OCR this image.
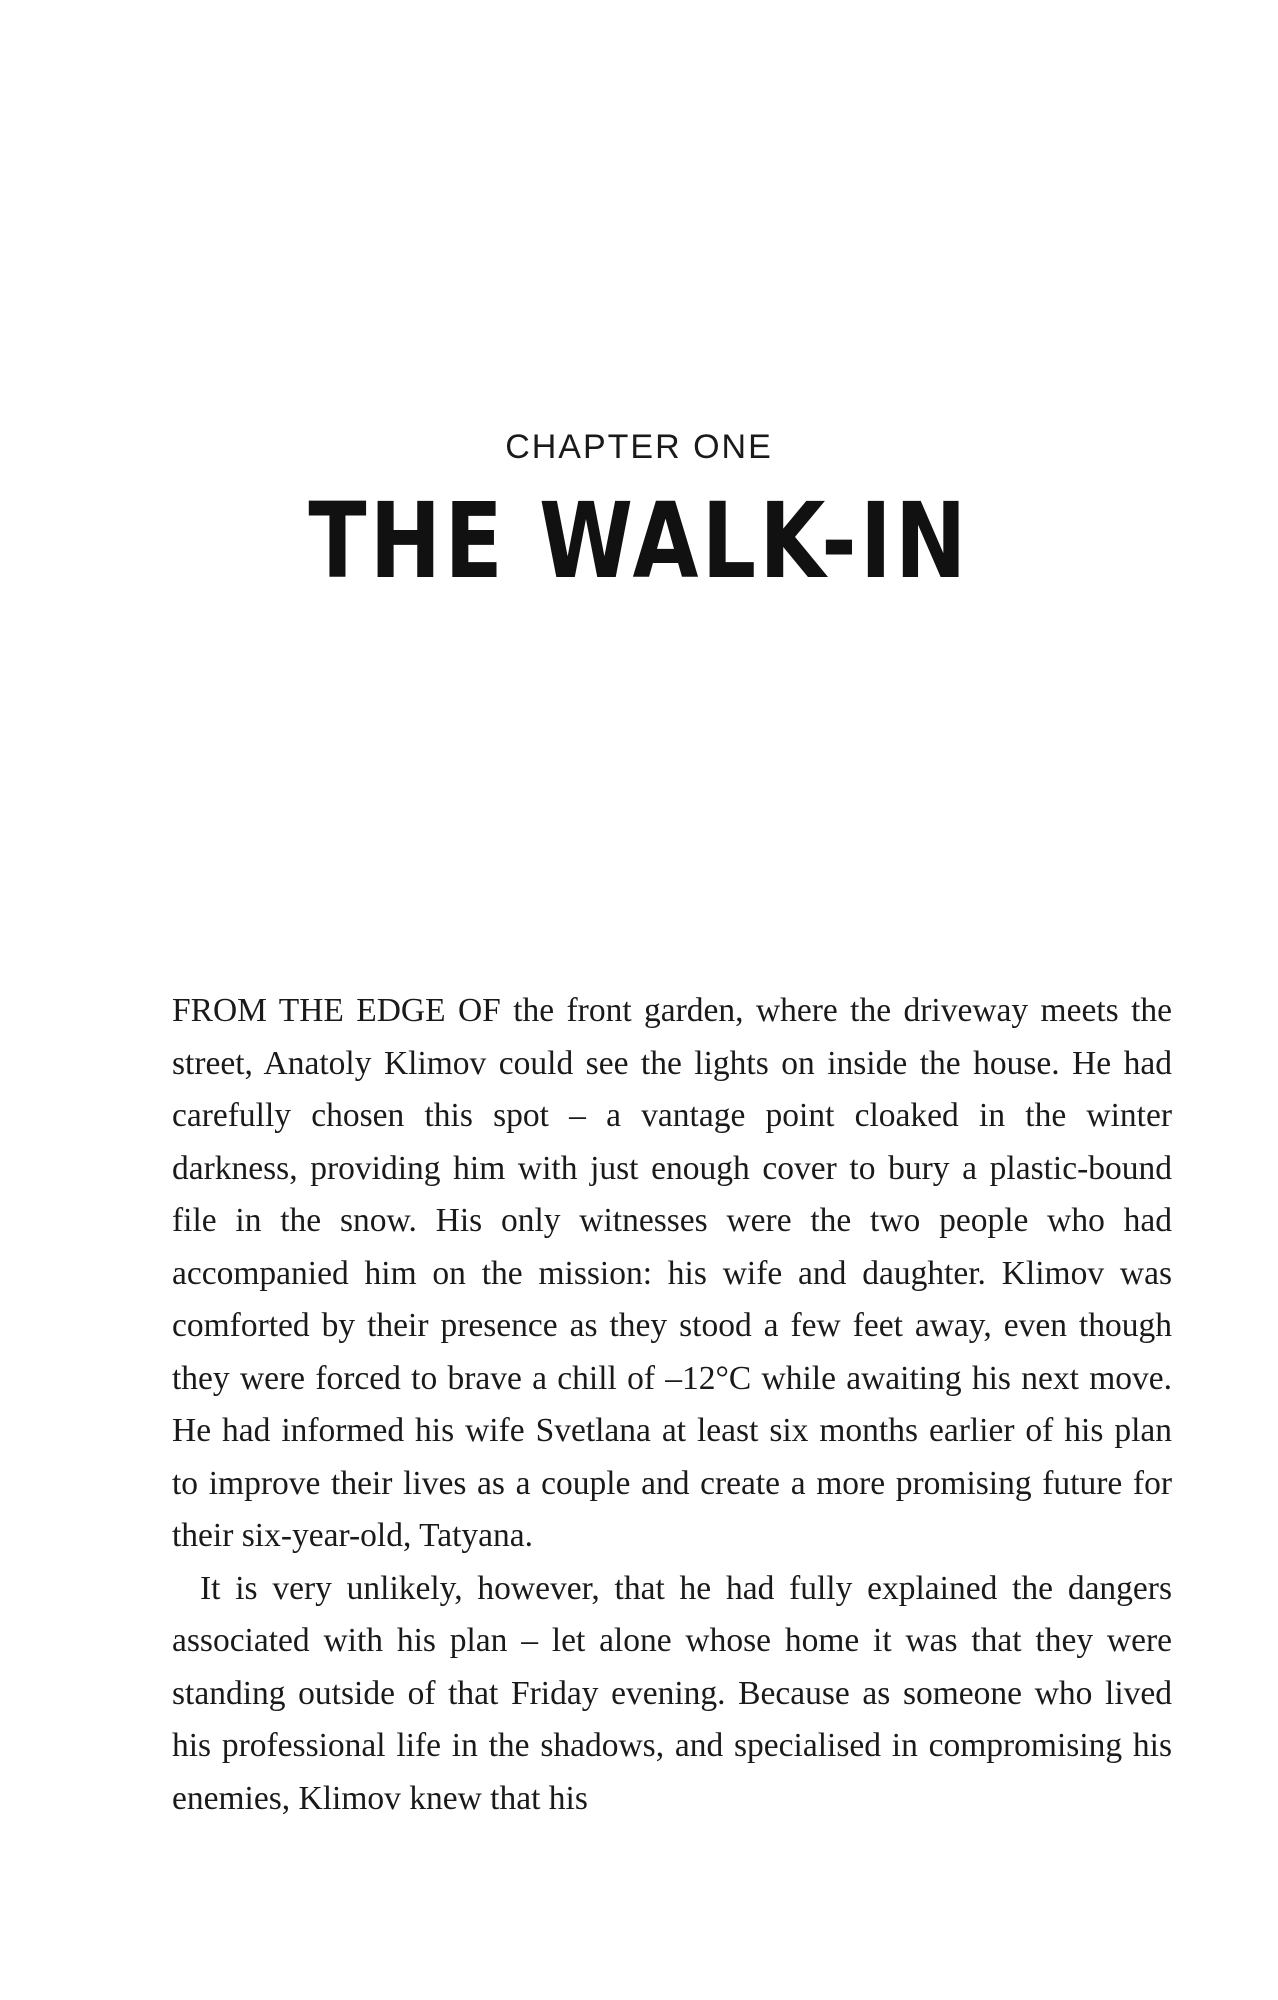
CHAPTER ONE
THE WALK-IN

FROM THE EDGE OF the front garden, where the driveway meets the street, Anatoly Klimov could see the lights on inside the house. He had carefully chosen this spot – a vantage point cloaked in the winter darkness, providing him with just enough cover to bury a plastic-bound file in the snow. His only witnesses were the two people who had accompanied him on the mission: his wife and daughter. Klimov was comforted by their presence as they stood a few feet away, even though they were forced to brave a chill of –12°C while awaiting his next move. He had informed his wife Svetlana at least six months earlier of his plan to improve their lives as a couple and create a more promising future for their six-year-old, Tatyana.

It is very unlikely, however, that he had fully explained the dangers associated with his plan – let alone whose home it was that they were standing outside of that Friday evening. Because as someone who lived his professional life in the shadows, and specialised in compromising his enemies, Klimov knew that his
